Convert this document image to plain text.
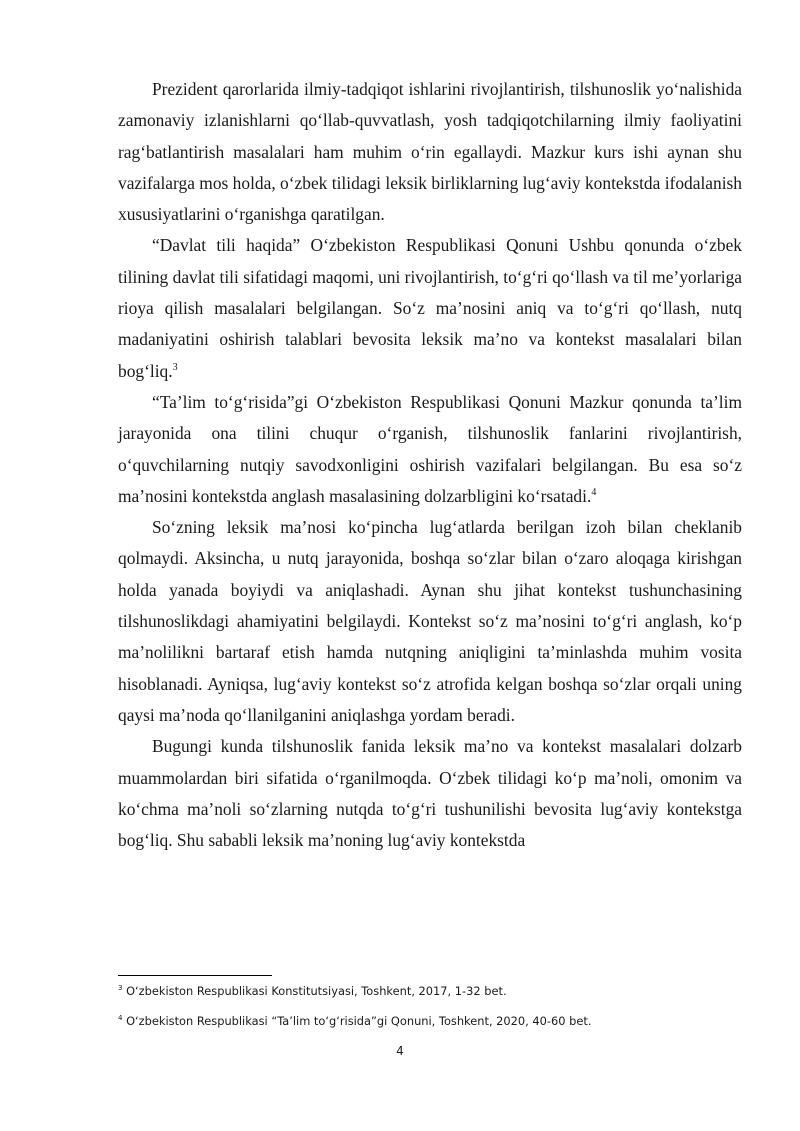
Prezident qarorlarida ilmiy-tadqiqot ishlarini rivojlantirish, tilshunoslik yo‘nalishida zamonaviy izlanishlarni qo‘llab-quvvatlash, yosh tadqiqotchilarning ilmiy faoliyatini rag‘batlantirish masalalari ham muhim o‘rin egallaydi. Mazkur kurs ishi aynan shu vazifalarga mos holda, o‘zbek tilidagi leksik birliklarning lug‘aviy kontekstda ifodalanish xususiyatlarini o‘rganishga qaratilgan.

“Davlat tili haqida” O‘zbekiston Respublikasi Qonuni Ushbu qonunda o‘zbek tilining davlat tili sifatidagi maqomi, uni rivojlantirish, to‘g‘ri qo‘llash va til me’yorlariga rioya qilish masalalari belgilangan. So‘z ma’nosini aniq va to‘g‘ri qo‘llash, nutq madaniyatini oshirish talablari bevosita leksik ma’no va kontekst masalalari bilan bog‘liq.$^3$

“Ta’lim to‘g‘risida”gi O‘zbekiston Respublikasi Qonuni Mazkur qonunda ta’lim jarayonida ona tilini chuqur o‘rganish, tilshunoslik fanlarini rivojlantirish, o‘quvchilarning nutqiy savodxonligini oshirish vazifalari belgilangan. Bu esa so‘z ma’nosini kontekstda anglash masalasining dolzarbligini ko‘rsatadi.$^4$

So‘zning leksik ma’nosi ko‘pincha lug‘atlarda berilgan izoh bilan cheklanib qolmaydi. Aksincha, u nutq jarayonida, boshqa so‘zlar bilan o‘zaro aloqaga kirishgan holda yanada boyiydi va aniqlashadi. Aynan shu jihat kontekst tushunchasining tilshunoslikdagi ahamiyatini belgilaydi. Kontekst so‘z ma’nosini to‘g‘ri anglash, ko‘p ma’nolilikni bartaraf etish hamda nutqning aniqligini ta’minlashda muhim vosita hisoblanadi. Ayniqsa, lug‘aviy kontekst so‘z atrofida kelgan boshqa so‘zlar orqali uning qaysi ma’noda qo‘llanilganini aniqlashga yordam beradi.

Bugungi kunda tilshunoslik fanida leksik ma’no va kontekst masalalari dolzarb muammolardan biri sifatida o‘rganilmoqda. O‘zbek tilidagi ko‘p ma’noli, omonim va ko‘chma ma’noli so‘zlarning nutqda to‘g‘ri tushunilishi bevosita lug‘aviy kontekstga bog‘liq. Shu sababli leksik ma’noning lug‘aviy kontekstda

$^3$ O‘zbekiston Respublikasi Konstitutsiyasi, Toshkent, 2017, 1-32 bet.

$^4$ O‘zbekiston Respublikasi “Ta’lim to‘g‘risida”gi Qonuni, Toshkent, 2020, 40-60 bet.

4
